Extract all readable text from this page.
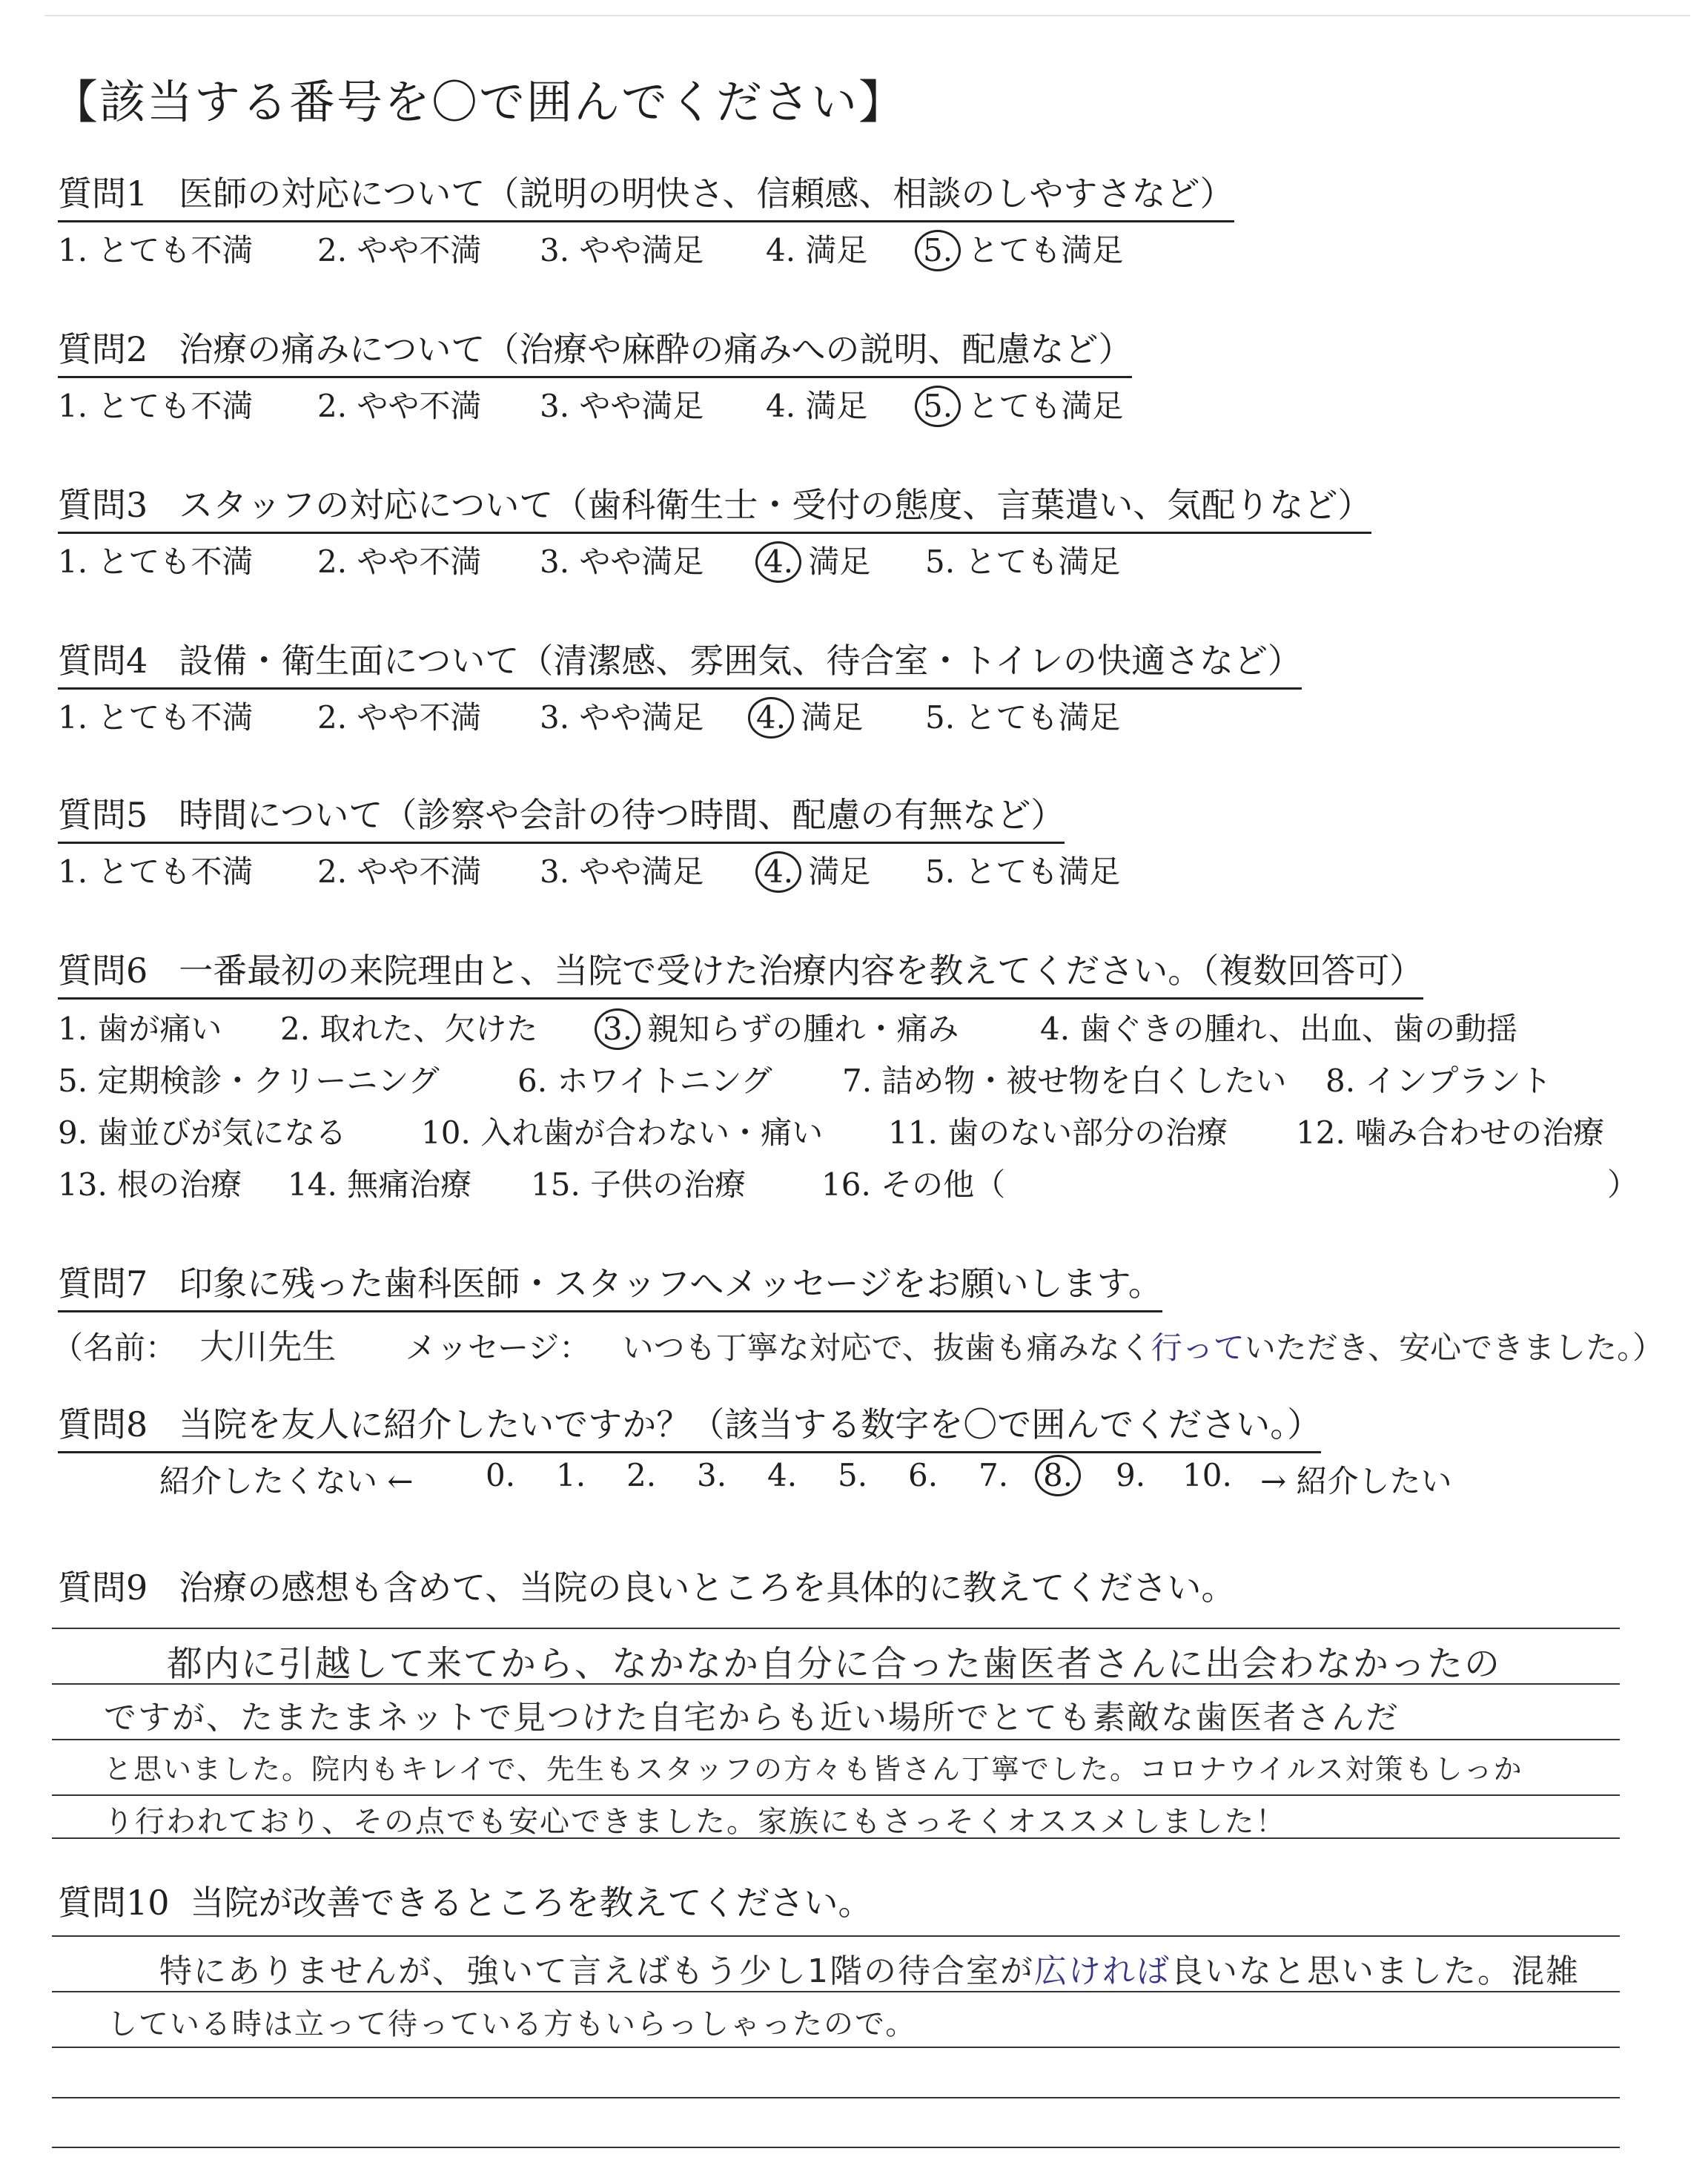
【該当する番号を〇で囲んでください】
質問1 医師の対応について（説明の明快さ、信頼感、相談のしやすさなど）
1. とても不満 2. やや不満 3. やや満足 4. 満足 5. とても満足
質問2 治療の痛みについて（治療や麻酔の痛みへの説明、配慮など）
1. とても不満 2. やや不満 3. やや満足 4. 満足 5. とても満足
質問3 スタッフの対応について（歯科衛生士・受付の態度、言葉遣い、気配りなど）
1. とても不満 2. やや不満 3. やや満足 4. 満足 5. とても満足
質問4 設備・衛生面について（清潔感、雰囲気、待合室・トイレの快適さなど）
1. とても不満 2. やや不満 3. やや満足 4. 満足 5. とても満足
質問5 時間について（診察や会計の待つ時間、配慮の有無など）
1. とても不満 2. やや不満 3. やや満足 4. 満足 5. とても満足
質問6 一番最初の来院理由と、当院で受けた治療内容を教えてください。（複数回答可）
1. 歯が痛い 2. 取れた、欠けた 3. 親知らずの腫れ・痛み	4. 歯ぐきの腫れ、出血、歯の動揺
5. 定期検診・クリーニング	6. ホワイトニング 7. 詰め物・被せ物を白くしたい 8. インプラント
9. 歯並びが気になる 10. 入れ歯が合わない・痛い 11. 歯のない部分の治療 12. 噛み合わせの治療
13. 根の治療 14. 無痛治療 15. 子供の治療 16. その他（	）
質問7 印象に残った歯科医師・スタッフへメッセージをお願いします。
（名前： 大川先生 メッセージ： いつも丁寧な対応で、抜歯も痛みなく行っていただき、安心できました。）
質問8 当院を友人に紹介したいですか？（該当する数字を〇で囲んでください。）
紹介したくない ← 0. 1. 2. 3. 4. 5. 6. 7. 8. 9. 10. → 紹介したい
質問9 治療の感想も含めて、当院の良いところを具体的に教えてください。
都内に引越して来てから、なかなか自分に合った歯医者さんに出会わなかったの
ですが、たまたまネットで見つけた自宅からも近い場所でとても素敵な歯医者さんだ
と思いました。院内もキレイで、先生もスタッフの方々も皆さん丁寧でした。コロナウイルス対策もしっか
り行われており、その点でも安心できました。家族にもさっそくオススメしました！
質問10 当院が改善できるところを教えてください。
特にありませんが、強いて言えばもう少し1階の待合室が広ければ良いなと思いました。混雑
している時は立って待っている方もいらっしゃったので。
